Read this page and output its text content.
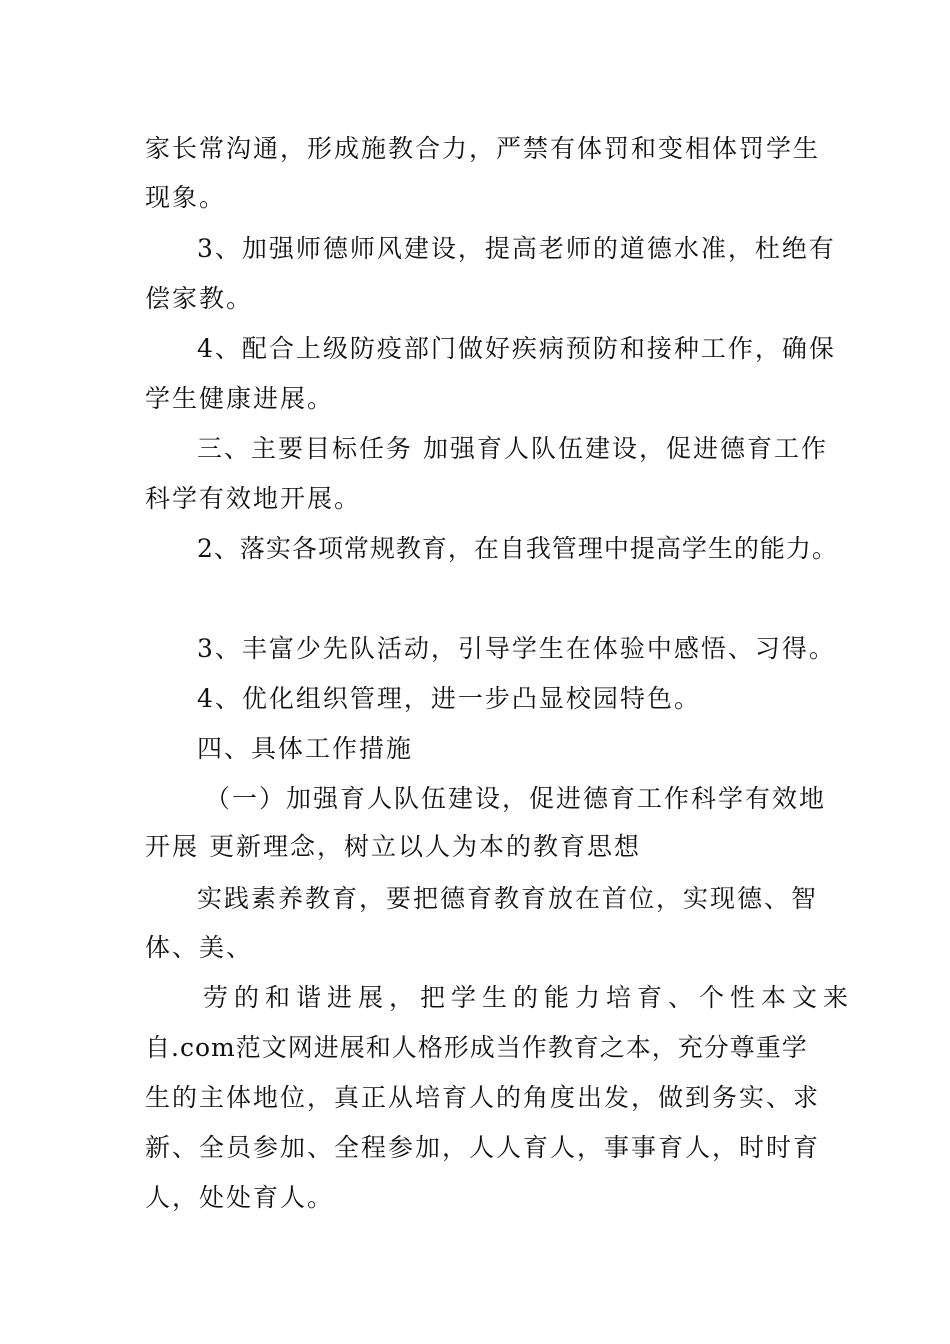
家长常沟通，形成施教合力，严禁有体罚和变相体罚学生
现象。
3、加强师德师风建设，提高老师的道德水准，杜绝有
偿家教。
4、配合上级防疫部门做好疾病预防和接种工作，确保
学生健康进展。
三、主要目标任务 加强育人队伍建设，促进德育工作
科学有效地开展。
2、落实各项常规教育，在自我管理中提高学生的能力。
3、丰富少先队活动，引导学生在体验中感悟、习得。
4、优化组织管理，进一步凸显校园特色。
四、具体工作措施
（一）加强育人队伍建设，促进德育工作科学有效地
开展 更新理念，树立以人为本的教育思想
实践素养教育，要把德育教育放在首位，实现德、智
体、美、
劳的和谐进展，把学生的能力培育、个性本文来
自.com范文网进展和人格形成当作教育之本，充分尊重学
生的主体地位，真正从培育人的角度出发，做到务实、求
新、全员参加、全程参加，人人育人，事事育人，时时育
人，处处育人。
